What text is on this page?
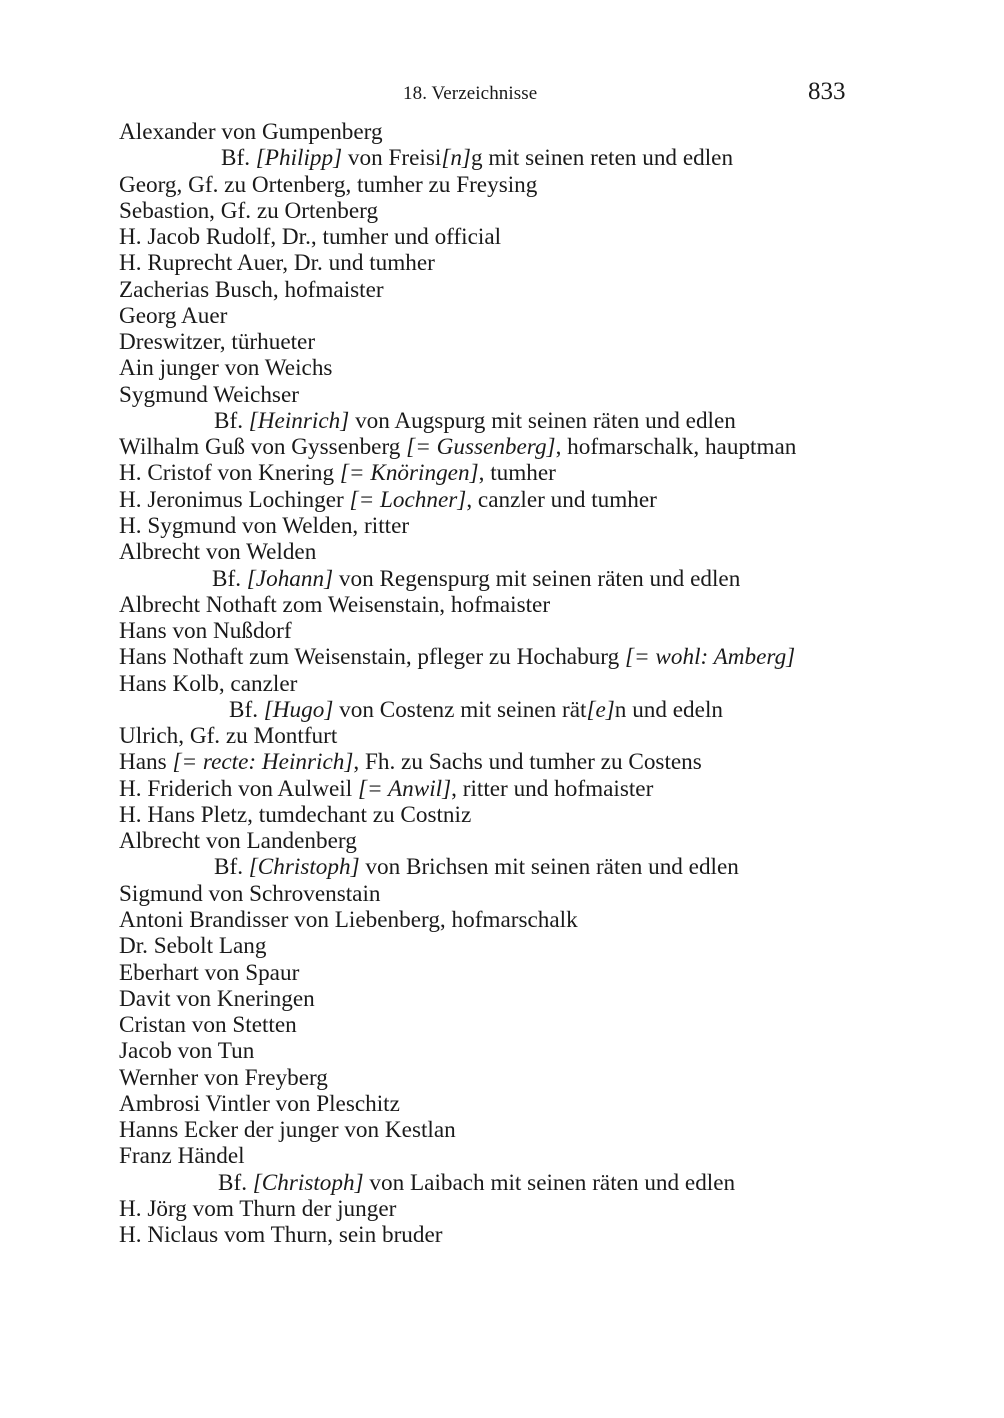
18. Verzeichnisse	833

Alexander von Gumpenberg

Bf. [Philipp] von Freisi[n]g mit seinen reten und edlen

Georg, Gf. zu Ortenberg, tumher zu Freysing

Sebastion, Gf. zu Ortenberg

H. Jacob Rudolf, Dr., tumher und official

H. Ruprecht Auer, Dr. und tumher

Zacherias Busch, hofmaister

Georg Auer

Dreswitzer, türhueter

Ain junger von Weichs

Sygmund Weichser

Bf. [Heinrich] von Augspurg mit seinen räten und edlen

Wilhalm Guß von Gyssenberg [= Gussenberg], hofmarschalk, hauptman

H. Cristof von Knering [= Knöringen], tumher

H. Jeronimus Lochinger [= Lochner], canzler und tumher

H. Sygmund von Welden, ritter

Albrecht von Welden

Bf. [Johann] von Regenspurg mit seinen räten und edlen

Albrecht Nothaft zom Weisenstain, hofmaister

Hans von Nußdorf

Hans Nothaft zum Weisenstain, pfleger zu Hochaburg [= wohl: Amberg]

Hans Kolb, canzler

Bf. [Hugo] von Costenz mit seinen rät[e]n und edeln

Ulrich, Gf. zu Montfurt

Hans [= recte: Heinrich], Fh. zu Sachs und tumher zu Costens

H. Friderich von Aulweil [= Anwil], ritter und hofmaister

H. Hans Pletz, tumdechant zu Costniz

Albrecht von Landenberg

Bf. [Christoph] von Brichsen mit seinen räten und edlen

Sigmund von Schrovenstain

Antoni Brandisser von Liebenberg, hofmarschalk

Dr. Sebolt Lang

Eberhart von Spaur

Davit von Kneringen

Cristan von Stetten

Jacob von Tun

Wernher von Freyberg

Ambrosi Vintler von Pleschitz

Hanns Ecker der junger von Kestlan

Franz Händel

Bf. [Christoph] von Laibach mit seinen räten und edlen

H. Jörg vom Thurn der junger

H. Niclaus vom Thurn, sein bruder
